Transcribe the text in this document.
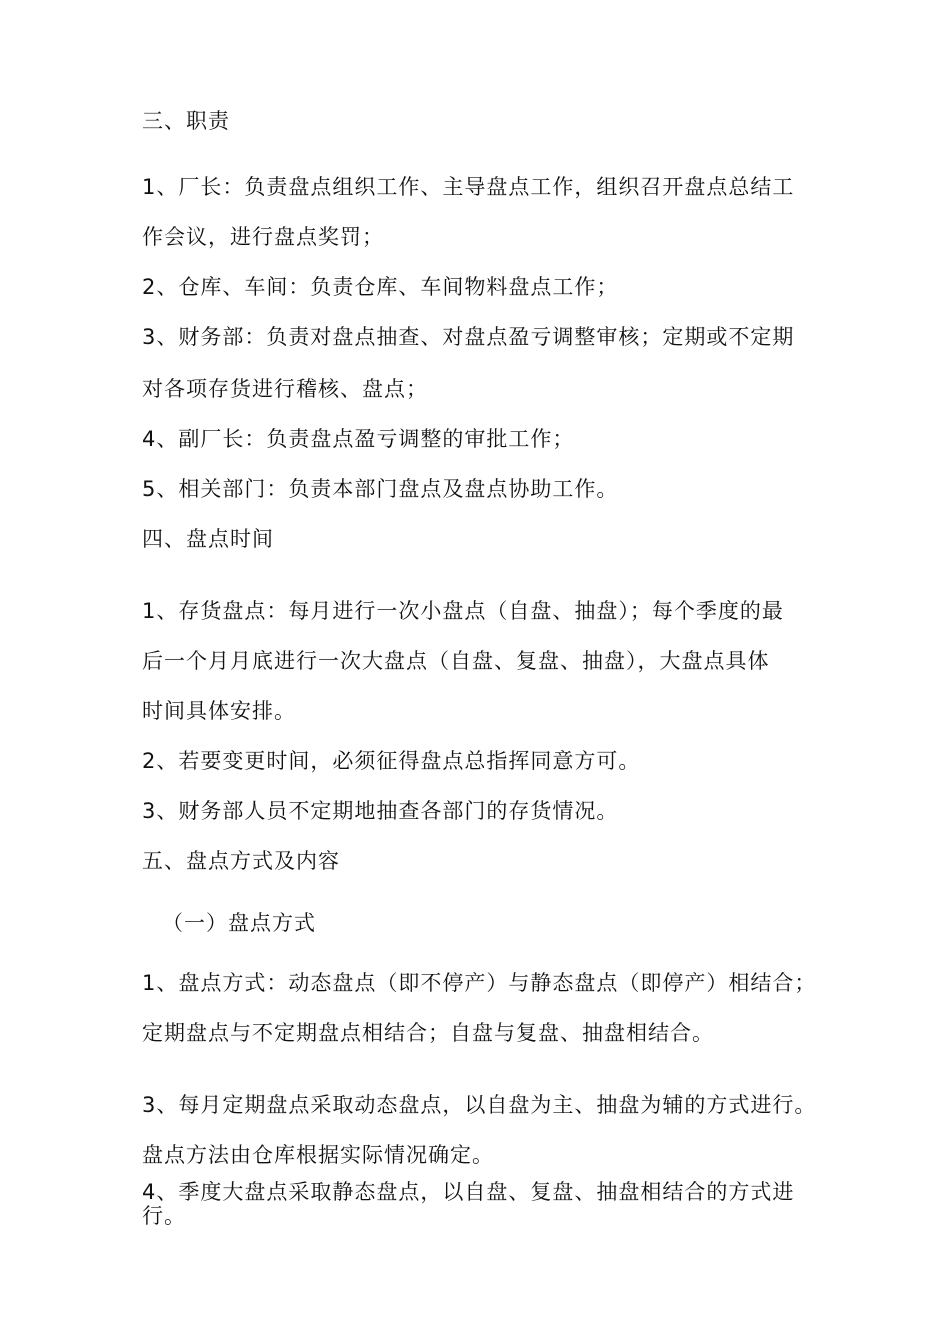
三、职责
1、厂长：负责盘点组织工作、主导盘点工作，组织召开盘点总结工
作会议，进行盘点奖罚；
2、仓库、车间：负责仓库、车间物料盘点工作；
3、财务部：负责对盘点抽查、对盘点盈亏调整审核；定期或不定期
对各项存货进行稽核、盘点；
4、副厂长：负责盘点盈亏调整的审批工作；
5、相关部门：负责本部门盘点及盘点协助工作。
四、盘点时间
1、存货盘点：每月进行一次小盘点（自盘、抽盘）；每个季度的最
后一个月月底进行一次大盘点（自盘、复盘、抽盘），大盘点具体
时间具体安排。
2、若要变更时间，必须征得盘点总指挥同意方可。
3、财务部人员不定期地抽查各部门的存货情况。
五、盘点方式及内容
（一）盘点方式
1、盘点方式：动态盘点（即不停产）与静态盘点（即停产）相结合；
定期盘点与不定期盘点相结合；自盘与复盘、抽盘相结合。
3、每月定期盘点采取动态盘点，以自盘为主、抽盘为辅的方式进行。
盘点方法由仓库根据实际情况确定。
4、季度大盘点采取静态盘点，以自盘、复盘、抽盘相结合的方式进行。
